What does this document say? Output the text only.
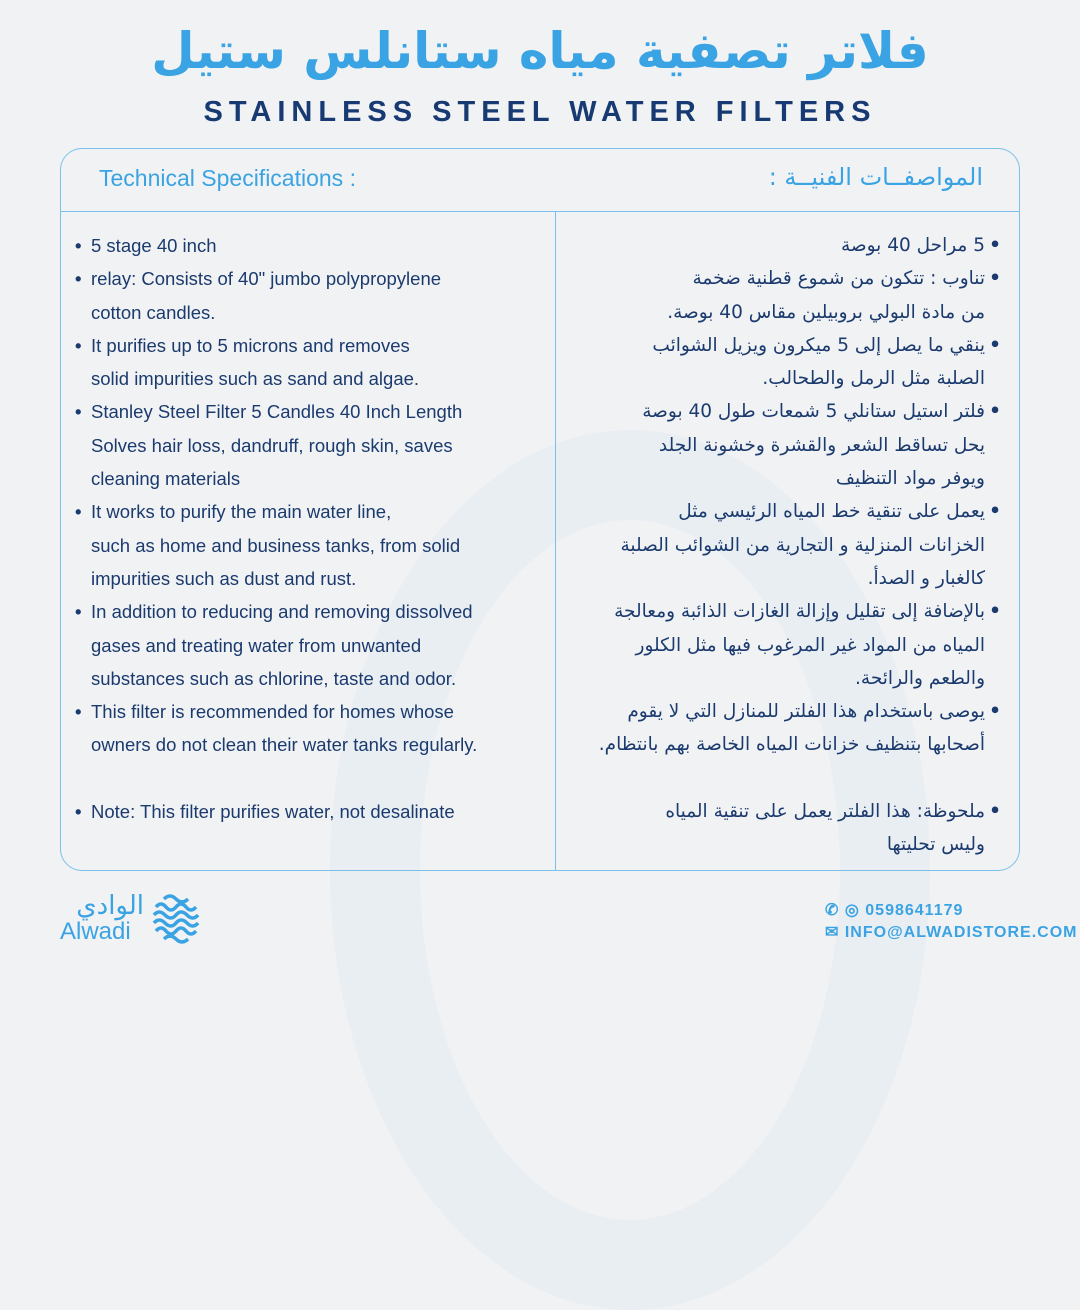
فلاتر تصفية مياه ستانلس ستيل
STAINLESS STEEL WATER FILTERS
Technical Specifications :	المواصفــات الفنيــة :
• 5 stage 40 inch
• relay: Consists of 40" jumbo polypropylene
cotton candles.
• It purifies up to 5 microns and removes
solid impurities such as sand and algae.
• Stanley Steel Filter 5 Candles 40 Inch Length
Solves hair loss, dandruff, rough skin, saves
cleaning materials
• It works to purify the main water line,
such as home and business tanks, from solid
impurities such as dust and rust.
• In addition to reducing and removing dissolved
gases and treating water from unwanted
substances such as chlorine, taste and odor.
• This filter is recommended for homes whose
owners do not clean their water tanks regularly.
• Note: This filter purifies water, not desalinate
•
5 مراحل 40 بوصة
•
تناوب : تتكون من شموع قطنية ضخمة
من مادة البولي بروبيلين مقاس 40 بوصة.
•
ينقي ما يصل إلى 5 ميكرون ويزيل الشوائب
الصلبة مثل الرمل والطحالب.
•
فلتر استيل ستانلي 5 شمعات طول 40 بوصة
يحل تساقط الشعر والقشرة وخشونة الجلد
ويوفر مواد التنظيف
•
يعمل على تنقية خط المياه الرئيسي مثل
الخزانات المنزلية و التجارية من الشوائب الصلبة
كالغبار و الصدأ.
•
بالإضافة إلى تقليل وإزالة الغازات الذائبة ومعالجة
المياه من المواد غير المرغوب فيها مثل الكلور
والطعم والرائحة.
•
يوصى باستخدام هذا الفلتر للمنازل التي لا يقوم
أصحابها بتنظيف خزانات المياه الخاصة بهم بانتظام.
•
ملحوظة: هذا الفلتر يعمل على تنقية المياه
وليس تحليتها
الوادي
Alwadi
✆ ◎ 0598641179
✉ INFO@ALWADISTORE.COM
